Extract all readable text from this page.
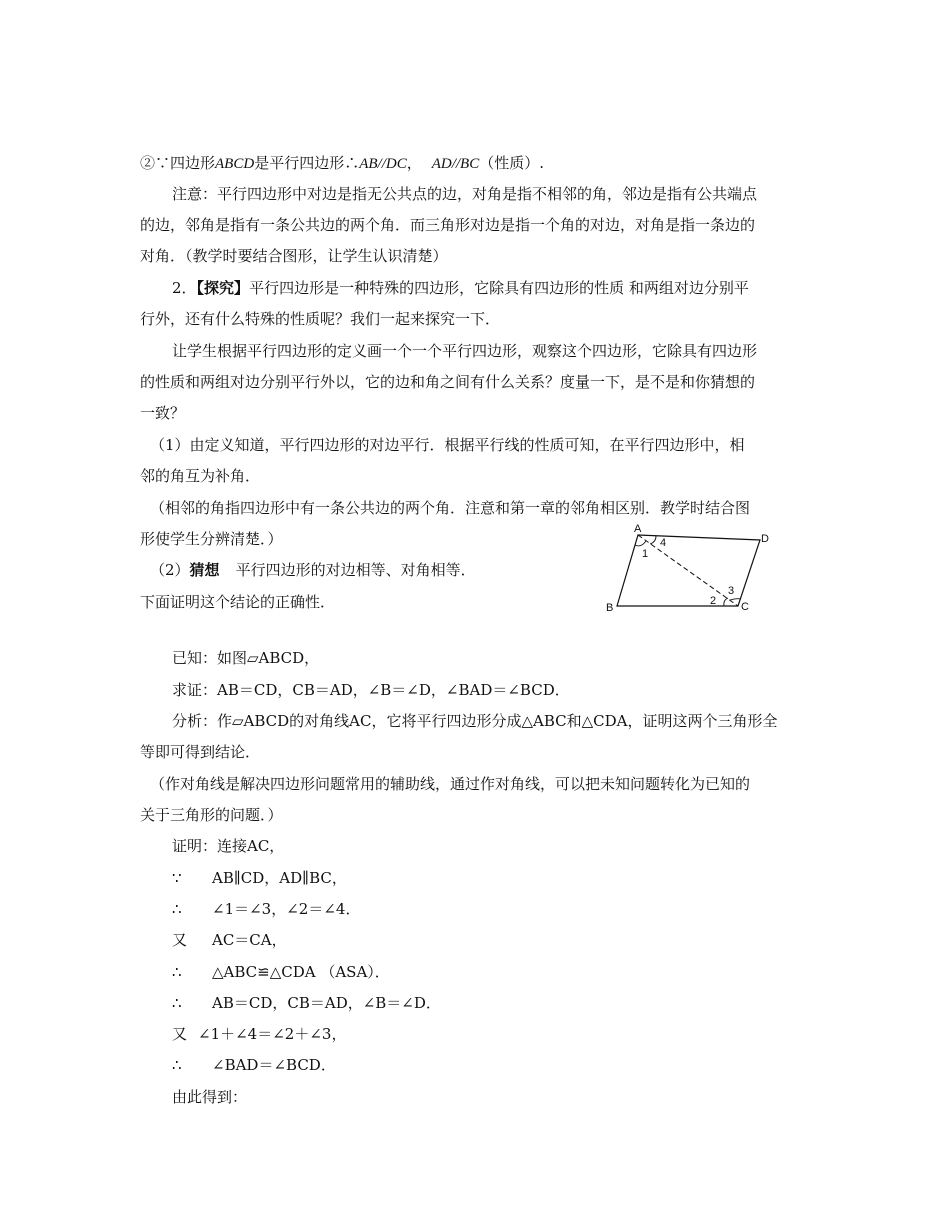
②∵四边形ABCD是平行四边形∴AB//DC， AD//BC（性质）.
注意：平行四边形中对边是指无公共点的边，对角是指不相邻的角，邻边是指有公共端点
的边，邻角是指有一条公共边的两个角．而三角形对边是指一个角的对边，对角是指一条边的
对角．（教学时要结合图形，让学生认识清楚）
2．【探究】平行四边形是一种特殊的四边形，它除具有四边形的性质 和两组对边分别平
行外，还有什么特殊的性质呢？我们一起来探究一下．
让学生根据平行四边形的定义画一个一个平行四边形，观察这个四边形，它除具有四边形
的性质和两组对边分别平行外以，它的边和角之间有什么关系？度量一下，是不是和你猜想的
一致？
（1）由定义知道，平行四边形的对边平行．根据平行线的性质可知，在平行四边形中，相
邻的角互为补角．
（相邻的角指四边形中有一条公共边的两个角．注意和第一章的邻角相区别．教学时结合图
形使学生分辨清楚．）
（2）猜想 平行四边形的对边相等、对角相等．
下面证明这个结论的正确性．
A
D
B	C
1
4
2
3
已知：如图▱ABCD，
求证：AB＝CD，CB＝AD，∠B＝∠D，∠BAD＝∠BCD．
分析：作▱ABCD的对角线AC，它将平行四边形分成△ABC和△CDA，证明这两个三角形全
等即可得到结论．
（作对角线是解决四边形问题常用的辅助线，通过作对角线，可以把未知问题转化为已知的
关于三角形的问题．）
证明：连接AC，
∵ AB∥CD，AD∥BC，
∴ ∠1＝∠3，∠2＝∠4．
又 AC＝CA，
∴ △ABC≌△CDA （ASA）．
∴ AB＝CD，CB＝AD，∠B＝∠D．
又 ∠1＋∠4＝∠2＋∠3，
∴ ∠BAD＝∠BCD．
由此得到：
